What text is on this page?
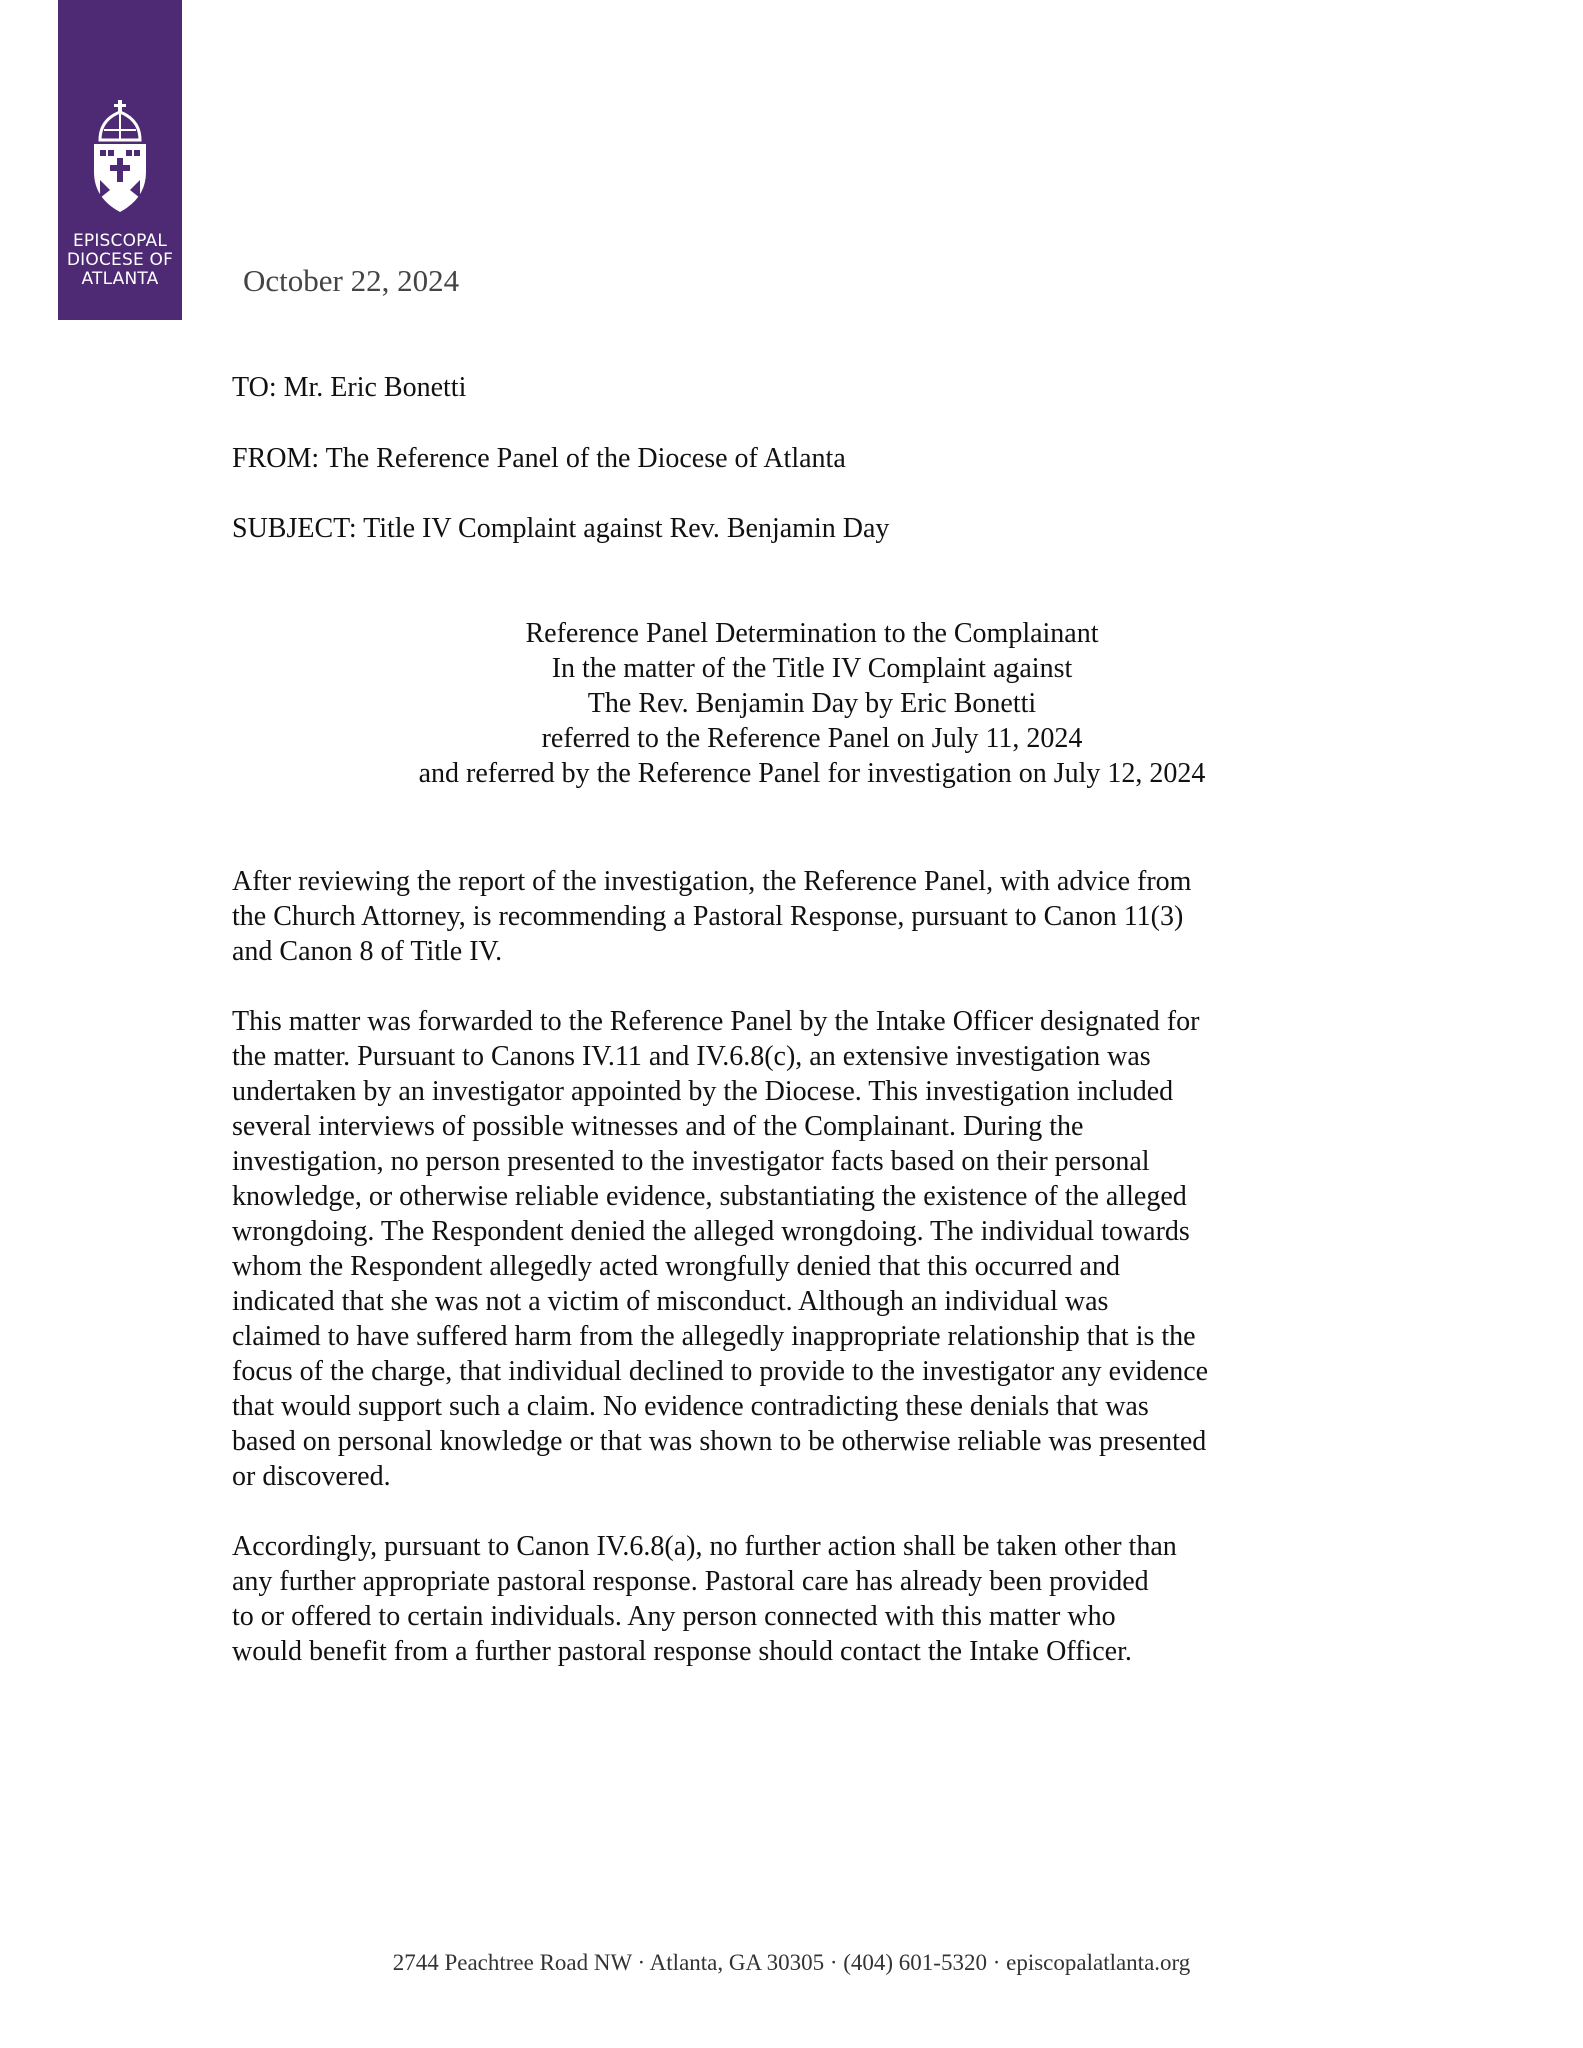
EPISCOPAL
DIOCESE OF
ATLANTA	October 22, 2024
TO: Mr. Eric Bonetti
FROM: The Reference Panel of the Diocese of Atlanta
SUBJECT: Title IV Complaint against Rev. Benjamin Day
Reference Panel Determination to the Complainant
In the matter of the Title IV Complaint against
The Rev. Benjamin Day by Eric Bonetti
referred to the Reference Panel on July 11, 2024
and referred by the Reference Panel for investigation on July 12, 2024
After reviewing the report of the investigation, the Reference Panel, with advice from
the Church Attorney, is recommending a Pastoral Response, pursuant to Canon 11(3)
and Canon 8 of Title IV.
This matter was forwarded to the Reference Panel by the Intake Officer designated for
the matter. Pursuant to Canons IV.11 and IV.6.8(c), an extensive investigation was
undertaken by an investigator appointed by the Diocese. This investigation included
several interviews of possible witnesses and of the Complainant. During the
investigation, no person presented to the investigator facts based on their personal
knowledge, or otherwise reliable evidence, substantiating the existence of the alleged
wrongdoing. The Respondent denied the alleged wrongdoing. The individual towards
whom the Respondent allegedly acted wrongfully denied that this occurred and
indicated that she was not a victim of misconduct. Although an individual was
claimed to have suffered harm from the allegedly inappropriate relationship that is the
focus of the charge, that individual declined to provide to the investigator any evidence
that would support such a claim. No evidence contradicting these denials that was
based on personal knowledge or that was shown to be otherwise reliable was presented
or discovered.
Accordingly, pursuant to Canon IV.6.8(a), no further action shall be taken other than
any further appropriate pastoral response. Pastoral care has already been provided
to or offered to certain individuals. Any person connected with this matter who
would benefit from a further pastoral response should contact the Intake Officer.
2744 Peachtree Road NW · Atlanta, GA 30305 · (404) 601-5320 · episcopalatlanta.org
